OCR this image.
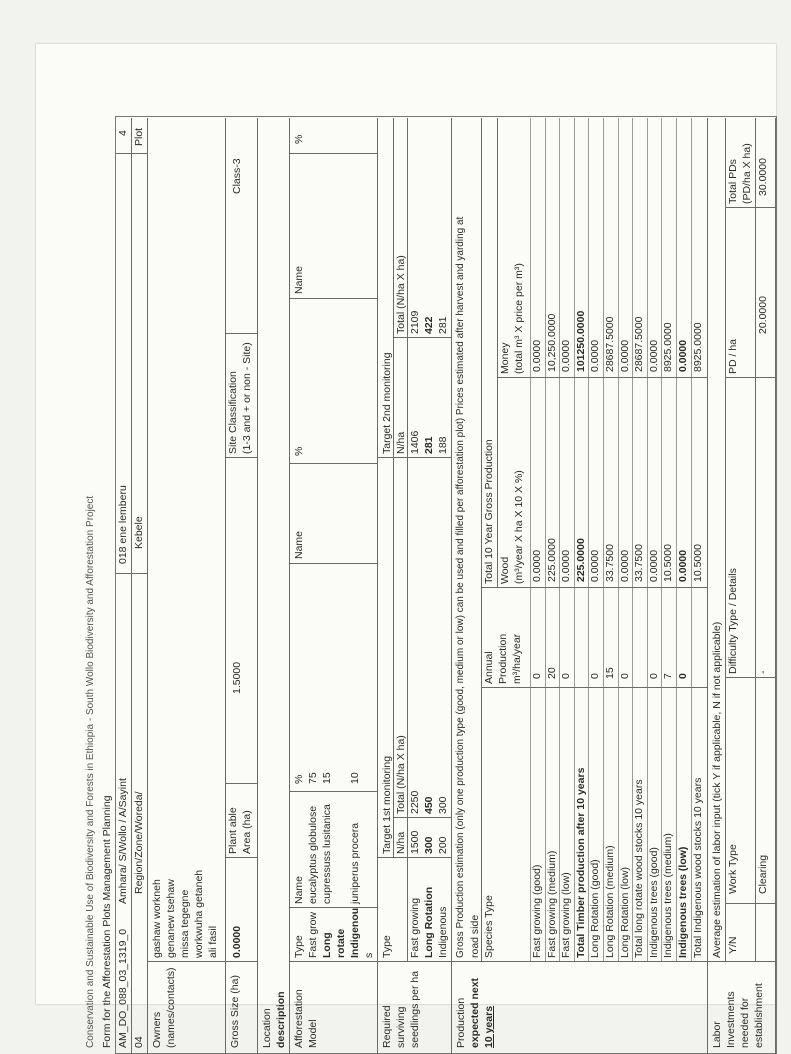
Conservation and Sustainable Use of Biodiversity and Forests in Ethiopia - South Wollo Biodiversity and Afforestation Project Form for the Afforestation Plots Management Planning AM_DO_088_03_1319_0
Amhara/ S/Wollo / A/Sayint
018 ene lemberu
4
04
Region/Zone/Woreda/
Kebele
Plot
Owners (names/contacts)
gashaw workneh genanew tsehaw missa tegegne workwuha getaneh ali fasil
Gross Size (ha)
0.0000
Plant able Area (ha)
1.5000
Site Classification (1-3 and + or non - Site)
Class-3
Location description Afforestation Model
Type
Name
%
Name
%
Name
%
Fast grow
eucalyptus globulose
75
Long
cupressuss lusitanica
15
rotate Indigenou
juniperus procera
10
s
Required surviving seedlings per ha
Type
Target 1st monitoring N/ha
Total (N/ha X ha)
Target 2nd monitoring N/ha
Total (N/ha X ha)
Fast growing
1500
2250
1406
2109
Long Rotation
300
450
281
422
Indigenous
200
300
188
281
Production expected next 10 years
Gross Production estimation (only one production type (good, medium or low) can be used and filled per afforestation plot) Prices estimated after harvest and yarding at road side Species Type
Annual Production m³/ha/year
Total 10 Year Gross Production Wood (m³/year X ha X 10 X %)
Money (total m³ X price per m³)
Fast growing (good)
0
0.0000
0.0000
Fast growing (medium)
20
225.0000
10,250.0000
Fast growing (low)
0
0.0000
0.0000
Total Timber production after 10 years
225.0000
101250.0000
Long Rotation (good)
0
0.0000
0.0000
Long Rotation (medium)
15
33.7500
28687.5000
Long Rotation (low)
0
0.0000
0.0000
Total long rotate wood stocks 10 years
33.7500
28687.5000
Indigenous trees (good)
0
0.0000
0.0000
Indigenous trees (medium)
7
10.5000
8925.0000
Indigenous trees (low)
0
0.0000
0.0000
Total Indigenous wood stocks 10 years
10.5000
8925.0000
Labor Investments needed for establishment
Average estimation of labor input (tick Y if applicable, N if not applicable) Y/N
Work Type
Difficulty Type / Details
PD / ha
Total PDs (PD/ha X ha)
Clearing
-
20.0000
30.0000
